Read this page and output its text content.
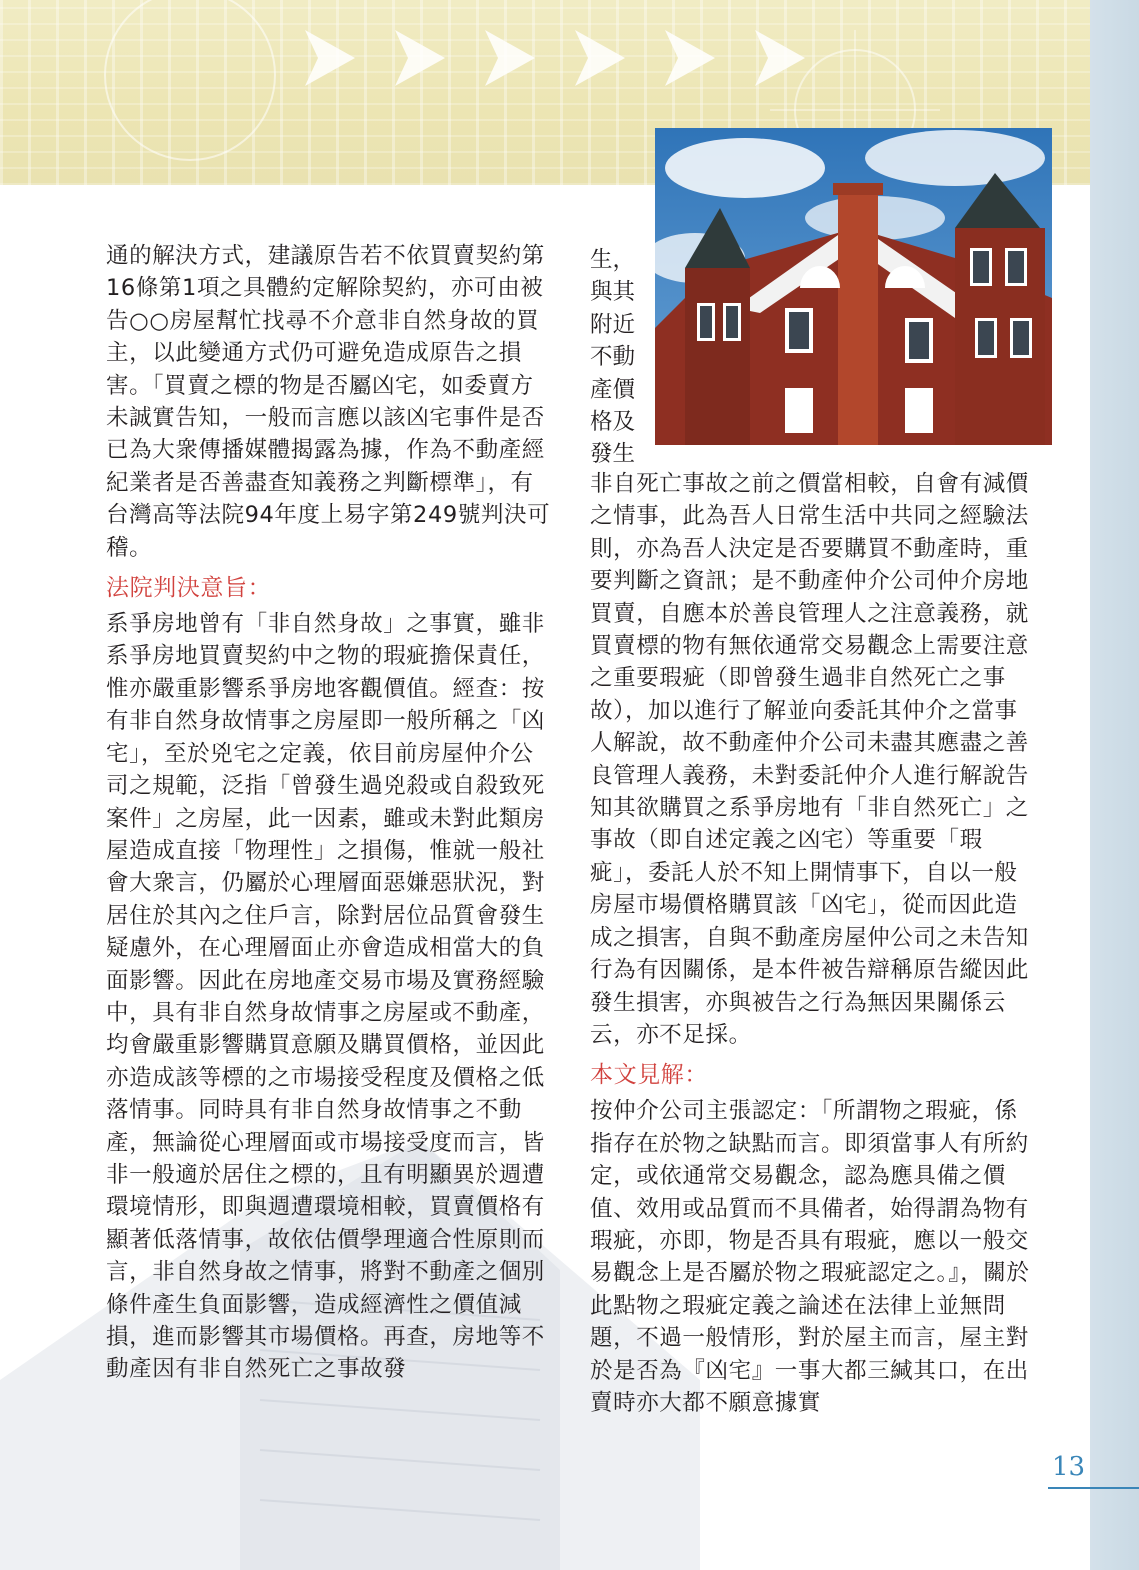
通的解決方式，建議原告若不依買賣契約第16條第1項之具體約定解除契約，亦可由被告○○房屋幫忙找尋不介意非自然身故的買主，以此變通方式仍可避免造成原告之損害。「買賣之標的物是否屬凶宅，如委賣方未誠實告知，一般而言應以該凶宅事件是否已為大衆傳播媒體揭露為據，作為不動產經紀業者是否善盡查知義務之判斷標準」，有台灣高等法院94年度上易字第249號判決可稽。

法院判決意旨：

系爭房地曾有「非自然身故」之事實，雖非系爭房地買賣契約中之物的瑕疵擔保責任，惟亦嚴重影響系爭房地客觀價值。經查：按有非自然身故情事之房屋即一般所稱之「凶宅」，至於兇宅之定義，依目前房屋仲介公司之規範，泛指「曾發生過兇殺或自殺致死案件」之房屋，此一因素，雖或未對此類房屋造成直接「物理性」之損傷，惟就一般社會大衆言，仍屬於心理層面惡嫌惡狀況，對居住於其內之住戶言，除對居位品質會發生疑慮外，在心理層面止亦會造成相當大的負面影響。因此在房地產交易市場及實務經驗中，具有非自然身故情事之房屋或不動產，均會嚴重影響購買意願及購買價格，並因此亦造成該等標的之市場接受程度及價格之低落情事。同時具有非自然身故情事之不動產，無論從心理層面或市場接受度而言，皆非一般適於居住之標的，且有明顯異於週遭環境情形，即與週遭環境相較，買賣價格有顯著低落情事，故依估價學理適合性原則而言，非自然身故之情事，將對不動產之個別條件產生負面影響，造成經濟性之價值減損，進而影響其市場價格。再查，房地等不動產因有非自然死亡之事故發

生，
與其
附近
不動
產價
格及
發生

非自死亡事故之前之價當相較，自會有減價之情事，此為吾人日常生活中共同之經驗法則，亦為吾人決定是否要購買不動產時，重要判斷之資訊；是不動產仲介公司仲介房地買賣，自應本於善良管理人之注意義務，就買賣標的物有無依通常交易觀念上需要注意之重要瑕疵（即曾發生過非自然死亡之事故），加以進行了解並向委託其仲介之當事人解說，故不動產仲介公司未盡其應盡之善良管理人義務，未對委託仲介人進行解說告知其欲購買之系爭房地有「非自然死亡」之事故（即自述定義之凶宅）等重要「瑕疵」，委託人於不知上開情事下，自以一般房屋市場價格購買該「凶宅」，從而因此造成之損害，自與不動產房屋仲公司之未告知行為有因關係，是本件被告辯稱原告縱因此發生損害，亦與被告之行為無因果關係云云，亦不足採。

本文見解：

按仲介公司主張認定：「所謂物之瑕疵，係指存在於物之缺點而言。即須當事人有所約定，或依通常交易觀念，認為應具備之價值、效用或品質而不具備者，始得謂為物有瑕疵，亦即，物是否具有瑕疵，應以一般交易觀念上是否屬於物之瑕疵認定之。』，關於此點物之瑕疵定義之論述在法律上並無問題，不過一般情形，對於屋主而言，屋主對於是否為『凶宅』一事大都三緘其口，在出賣時亦大都不願意據實

13
